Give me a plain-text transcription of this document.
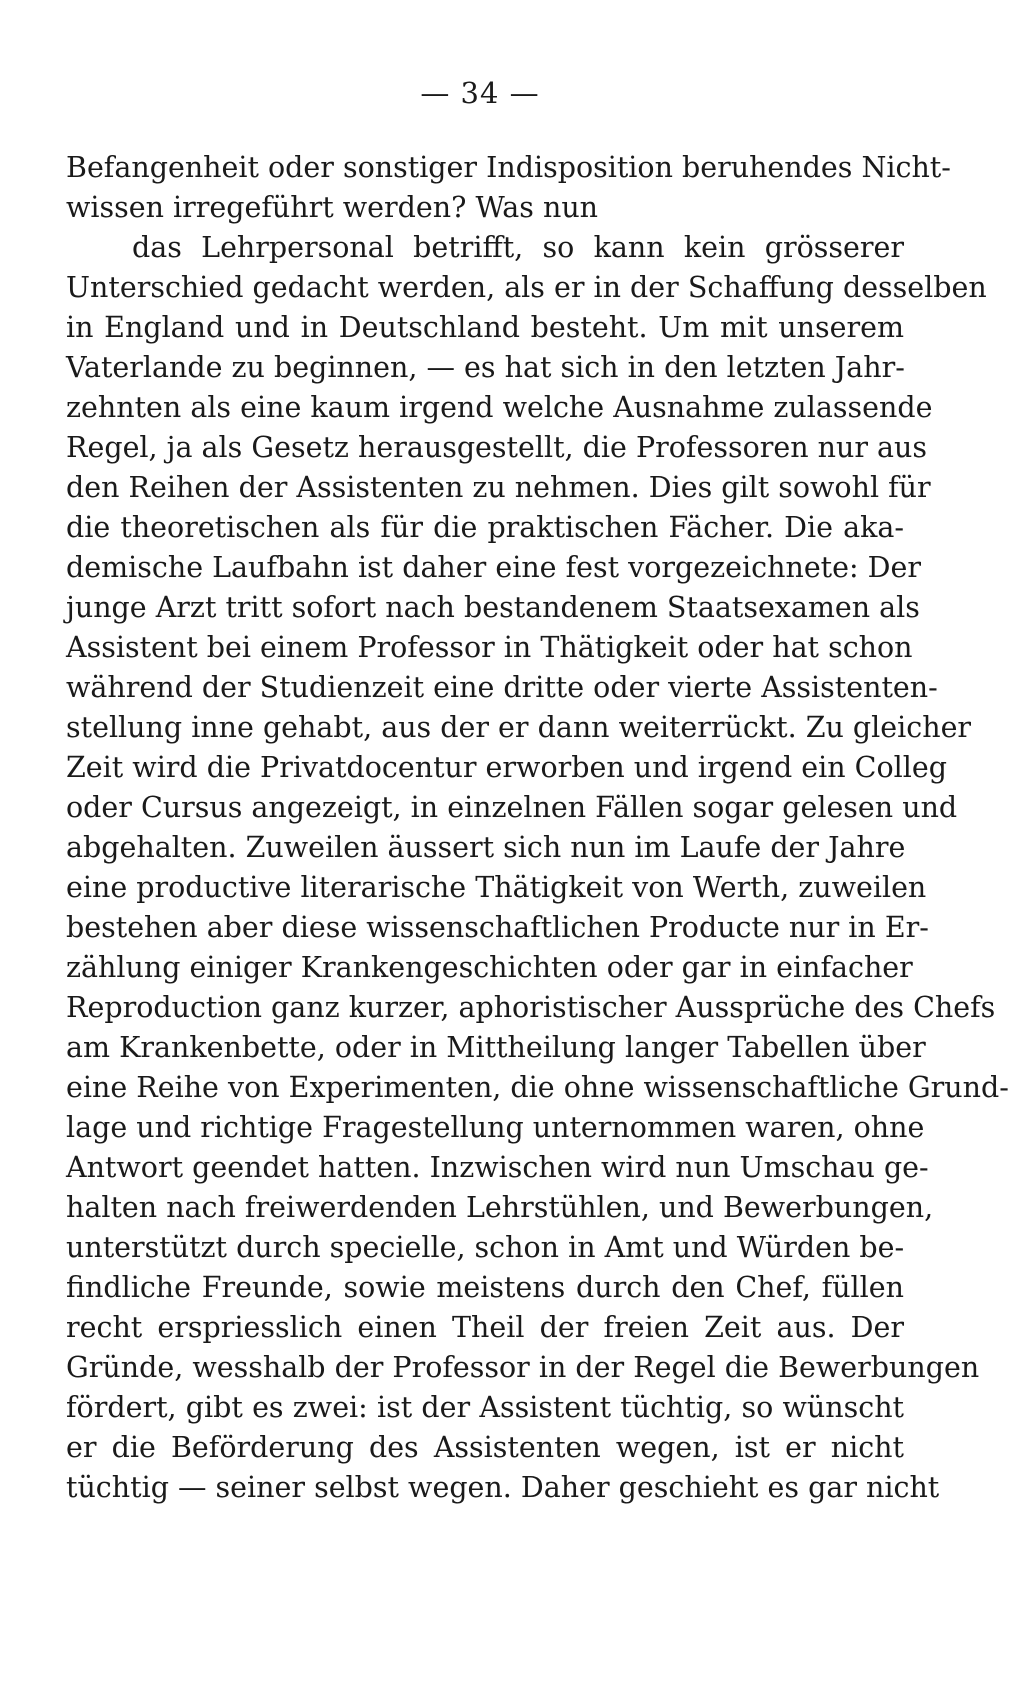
— 34 —
Befangenheit oder sonstiger Indisposition beruhendes Nicht-
wissen irregeführt werden? Was nun
das Lehrpersonal betrifft, so kann kein grösserer
Unterschied gedacht werden, als er in der Schaffung desselben
in England und in Deutschland besteht. Um mit unserem
Vaterlande zu beginnen, — es hat sich in den letzten Jahr-
zehnten als eine kaum irgend welche Ausnahme zulassende
Regel, ja als Gesetz herausgestellt, die Professoren nur aus
den Reihen der Assistenten zu nehmen. Dies gilt sowohl für
die theoretischen als für die praktischen Fächer. Die aka-
demische Laufbahn ist daher eine fest vorgezeichnete: Der
junge Arzt tritt sofort nach bestandenem Staatsexamen als
Assistent bei einem Professor in Thätigkeit oder hat schon
während der Studienzeit eine dritte oder vierte Assistenten-
stellung inne gehabt, aus der er dann weiterrückt. Zu gleicher
Zeit wird die Privatdocentur erworben und irgend ein Colleg
oder Cursus angezeigt, in einzelnen Fällen sogar gelesen und
abgehalten. Zuweilen äussert sich nun im Laufe der Jahre
eine productive literarische Thätigkeit von Werth, zuweilen
bestehen aber diese wissenschaftlichen Producte nur in Er-
zählung einiger Krankengeschichten oder gar in einfacher
Reproduction ganz kurzer, aphoristischer Aussprüche des Chefs
am Krankenbette, oder in Mittheilung langer Tabellen über
eine Reihe von Experimenten, die ohne wissenschaftliche Grund-
lage und richtige Fragestellung unternommen waren, ohne
Antwort geendet hatten. Inzwischen wird nun Umschau ge-
halten nach freiwerdenden Lehrstühlen, und Bewerbungen,
unterstützt durch specielle, schon in Amt und Würden be-
findliche Freunde, sowie meistens durch den Chef, füllen
recht erspriesslich einen Theil der freien Zeit aus. Der
Gründe, wesshalb der Professor in der Regel die Bewerbungen
fördert, gibt es zwei: ist der Assistent tüchtig, so wünscht
er die Beförderung des Assistenten wegen, ist er nicht
tüchtig — seiner selbst wegen. Daher geschieht es gar nicht
